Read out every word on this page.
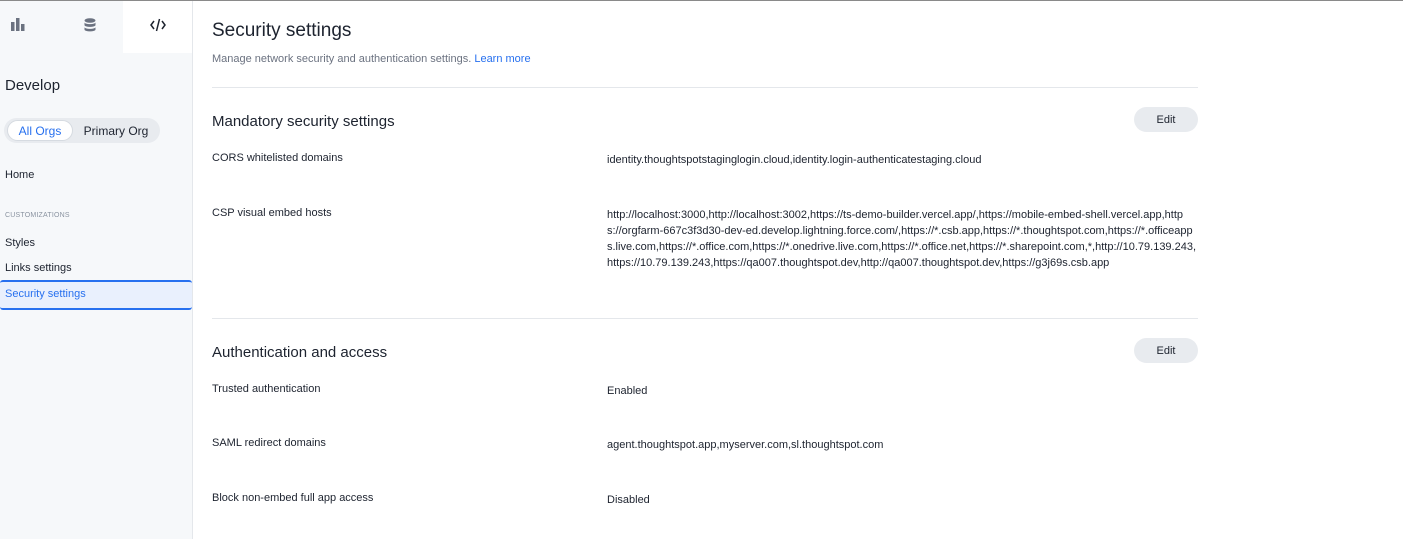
Develop
All Orgs	Primary Org
Home
CUSTOMIZATIONS
Styles
Links settings
Security settings
Security settings
Manage network security and authentication settings. Learn more
Mandatory security settings	Edit
CORS whitelisted domains	identity.thoughtspotstaginglogin.cloud,identity.login-authenticatestaging.cloud
CSP visual embed hosts	http://localhost:3000,http://localhost:3002,https://ts-demo-builder.vercel.app/,https://mobile-embed-shell.vercel.app,https://orgfarm-667c3f3d30-dev-ed.develop.lightning.force.com/,https://*.csb.app,https://*.thoughtspot.com,https://*.officeapps.live.com,https://*.office.com,https://*.onedrive.live.com,https://*.office.net,https://*.sharepoint.com,*,http://10.79.139.243,https://10.79.139.243,https://qa007.thoughtspot.dev,http://qa007.thoughtspot.dev,https://g3j69s.csb.app
Authentication and access	Edit
Trusted authentication	Enabled
SAML redirect domains	agent.thoughtspot.app,myserver.com,sl.thoughtspot.com
Block non-embed full app access	Disabled
